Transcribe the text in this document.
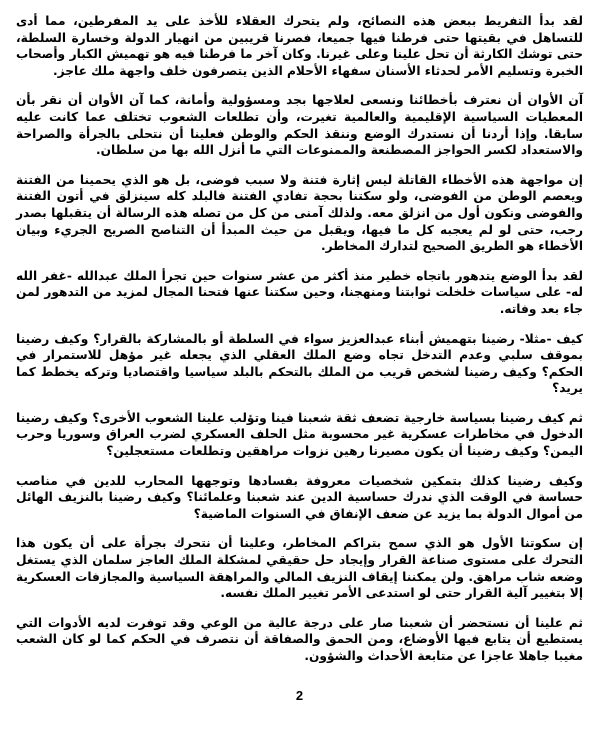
لقد بدأ التفريط ببعض هذه النصائح، ولم يتحرك العقلاء للأخذ على يد المفرطين، مما أدى للتساهل في بقيتها حتى فرطنا فيها جميعا، فصرنا قريبين من انهيار الدولة وخسارة السلطة، حتى توشك الكارثة أن تحل علينا وعلى غيرنا. وكان آخر ما فرطنا فيه هو تهميش الكبار وأصحاب الخبرة وتسليم الأمر لحدثاء الأسنان سفهاء الأحلام الذين يتصرفون خلف واجهة ملك عاجز.

آن الأوان أن نعترف بأخطائنا ونسعى لعلاجها بجد ومسؤولية وأمانة، كما آن الأوان أن نقر بأن المعطيات السياسية الإقليمية والعالمية تغيرت، وأن تطلعات الشعوب تختلف عما كانت عليه سابقا. وإذا أردنا أن نستدرك الوضع وننقذ الحكم والوطن فعلينا أن نتحلى بالجرأة والصراحة والاستعداد لكسر الحواجز المصطنعة والممنوعات التي ما أنزل الله بها من سلطان.

إن مواجهة هذه الأخطاء القاتلة ليس إثارة فتنة ولا سبب فوضى، بل هو الذي يحمينا من الفتنة ويعصم الوطن من الفوضى، ولو سكتنا بحجة تفادي الفتنة فالبلد كله سينزلق في أتون الفتنة والفوضى ونكون أول من انزلق معه. ولذلك آمنى من كل من تصله هذه الرسالة أن يتقبلها بصدر رحب، حتى لو لم يعجبه كل ما فيها، ويقبل من حيث المبدأ أن التناصح الصريح الجريء وبيان الأخطاء هو الطريق الصحيح لتدارك المخاطر.

لقد بدأ الوضع يتدهور باتجاه خطير منذ أكثر من عشر سنوات حين تجرأ الملك عبدالله -غفر الله له- على سياسات خلخلت ثوابتنا ومنهجنا، وحين سكتنا عنها فتحنا المجال لمزيد من التدهور لمن جاء بعد وفاته.

كيف -مثلا- رضينا بتهميش أبناء عبدالعزيز سواء في السلطة أو بالمشاركة بالقرار؟ وكيف رضينا بموقف سلبي وعدم التدخل تجاه وضع الملك العقلي الذي يجعله غير مؤهل للاستمرار في الحكم؟ وكيف رضينا لشخص قريب من الملك بالتحكم بالبلد سياسيا واقتصاديا وتركه يخطط كما يريد؟

ثم كيف رضينا بسياسة خارجية تضعف ثقة شعبنا فينا وتؤلب علينا الشعوب الأخرى؟ وكيف رضينا الدخول في مخاطرات عسكرية غير محسوبة مثل الحلف العسكري لضرب العراق وسوريا وحرب اليمن؟ وكيف رضينا أن يكون مصيرنا رهين نزوات مراهقين وتطلعات مستعجلين؟

وكيف رضينا كذلك بتمكين شخصيات معروفة بفسادها وتوجهها المحارب للدين في مناصب حساسة في الوقت الذي ندرك حساسية الدين عند شعبنا وعلمائنا؟ وكيف رضينا بالنزيف الهائل من أموال الدولة بما يزيد عن ضعف الإنفاق في السنوات الماضية؟

إن سكوتنا الأول هو الذي سمح بتراكم المخاطر، وعلينا أن نتحرك بجرأة على أن يكون هذا التحرك على مستوى صناعة القرار وإيجاد حل حقيقي لمشكلة الملك العاجز سلمان الذي يستغل وضعه شاب مراهق. ولن يمكننا إيقاف النزيف المالي والمراهقة السياسية والمجازفات العسكرية إلا بتغيير آلية القرار حتى لو استدعى الأمر تغيير الملك نفسه.

ثم علينا أن نستحضر أن شعبنا صار على درجة عالية من الوعي وقد توفرت لديه الأدوات التي يستطيع أن يتابع فيها الأوضاع، ومن الحمق والصفاقة أن نتصرف في الحكم كما لو كان الشعب مغيبا جاهلا عاجزا عن متابعة الأحداث والشؤون.

2
